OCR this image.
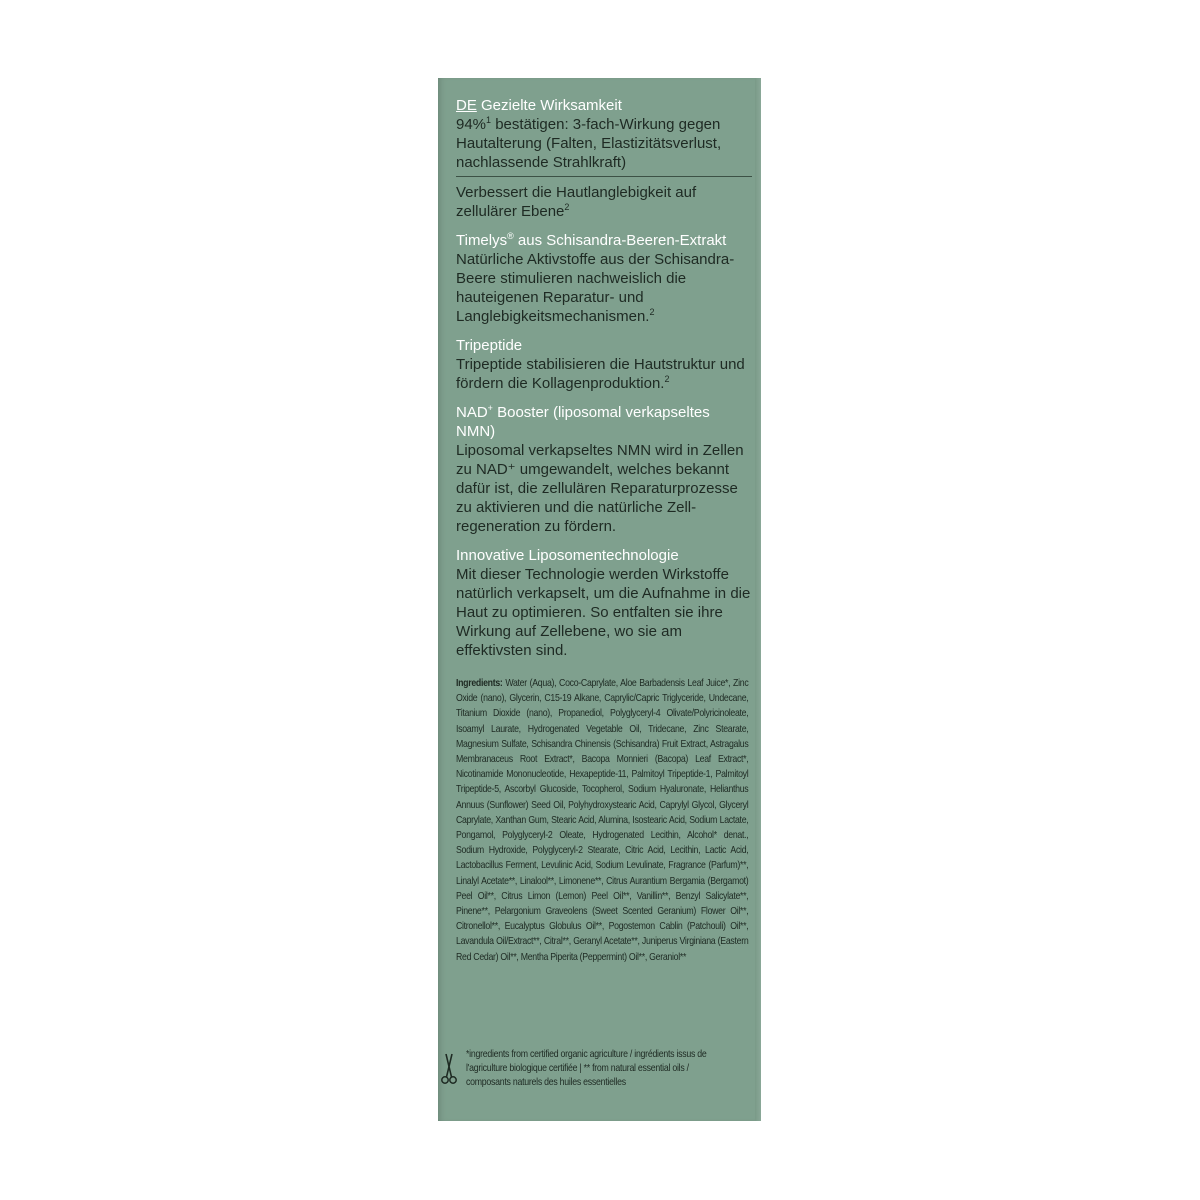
DE Gezielte Wirksamkeit
94%$^1$ bestätigen: 3-fach-Wirkung gegen Hautalterung (Falten, Elastizitätsverlust, nachlassende Strahlkraft)
Verbessert die Hautlanglebigkeit auf zellulärer Ebene$^2$
Timelys® aus Schisandra-Beeren-Extrakt
Natürliche Aktivstoffe aus der Schisandra-Beere stimulieren nachweislich die hauteigenen Reparatur- und Langlebigkeitsmechanismen.$^2$
Tripeptide
Tripeptide stabilisieren die Hautstruktur und fördern die Kollagenproduktion.$^2$
NAD+ Booster (liposomal verkapseltes NMN)
Liposomal verkapseltes NMN wird in Zellen zu NAD⁺ umgewandelt, welches bekannt dafür ist, die zellulären Reparaturprozesse zu aktivieren und die natürliche Zellregeneration zu fördern.
Innovative Liposomentechnologie
Mit dieser Technologie werden Wirkstoffe natürlich verkapselt, um die Aufnahme in die Haut zu optimieren. So entfalten sie ihre Wirkung auf Zellebene, wo sie am effektivsten sind.
Ingredients: Water (Aqua), Coco-Caprylate, Aloe Barbadensis Leaf Juice*, Zinc Oxide (nano), Glycerin, C15-19 Alkane, Caprylic/Capric Triglyceride, Undecane, Titanium Dioxide (nano), Propanediol, Polyglyceryl-4 Olivate/Polyricinoleate, Isoamyl Laurate, Hydrogenated Vegetable Oil, Tridecane, Zinc Stearate, Magnesium Sulfate, Schisandra Chinensis (Schisandra) Fruit Extract, Astragalus Membranaceus Root Extract*, Bacopa Monnieri (Bacopa) Leaf Extract*, Nicotinamide Mononucleotide, Hexapeptide-11, Palmitoyl Tripeptide-1, Palmitoyl Tripeptide-5, Ascorbyl Glucoside, Tocopherol, Sodium Hyaluronate, Helianthus Annuus (Sunflower) Seed Oil, Polyhydroxystearic Acid, Caprylyl Glycol, Glyceryl Caprylate, Xanthan Gum, Stearic Acid, Alumina, Isostearic Acid, Sodium Lactate, Pongamol, Polyglyceryl-2 Oleate, Hydrogenated Lecithin, Alcohol* denat., Sodium Hydroxide, Polyglyceryl-2 Stearate, Citric Acid, Lecithin, Lactic Acid, Lactobacillus Ferment, Levulinic Acid, Sodium Levulinate, Fragrance (Parfum)**, Linalyl Acetate**, Linalool**, Limonene**, Citrus Aurantium Bergamia (Bergamot) Peel Oil**, Citrus Limon (Lemon) Peel Oil**, Vanillin**, Benzyl Salicylate**, Pinene**, Pelargonium Graveolens (Sweet Scented Geranium) Flower Oil**, Citronellol**, Eucalyptus Globulus Oil**, Pogostemon Cablin (Patchouli) Oil**, Lavandula Oil/Extract**, Citral**, Geranyl Acetate**, Juniperus Virginiana (Eastern Red Cedar) Oil**, Mentha Piperita (Peppermint) Oil**, Geraniol**
*ingredients from certified organic agriculture / ingrédients issus de l'agriculture biologique certifiée | ** from natural essential oils / composants naturels des huiles essentielles
